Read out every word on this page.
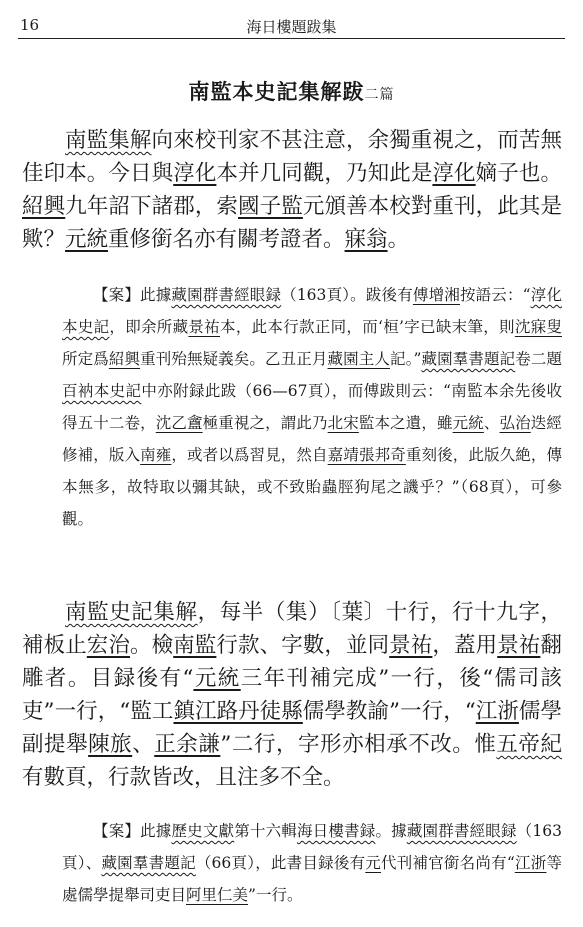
16	海日樓題跋集
南監本史記集解跋二篇

南監集解向來校刊家不甚注意，余獨重視之，而苦無佳印本。今日與淳化本并几同觀，乃知此是淳化嫡子也。紹興九年詔下諸郡，索國子監元頒善本校對重刊，此其是歟？元統重修銜名亦有關考證者。寐翁。

【案】此據藏園群書經眼録（163頁）。跋後有傅增湘按語云：“淳化本史記，即余所藏景祐本，此本行款正同，而‘桓’字已缺末筆，則沈寐叟所定爲紹興重刊殆無疑義矣。乙丑正月藏園主人記。”藏園羣書題記卷二題百衲本史記中亦附録此跋（66—67頁），而傅跋則云：“南監本余先後收得五十二卷，沈乙盦極重視之，謂此乃北宋監本之遺，雖元統、弘治迭經修補，版入南雍，或者以爲習見，然自嘉靖張邦奇重刻後，此版久絶，傳本無多，故特取以彌其缺，或不致貽蟲脛狗尾之譏乎？”（68頁），可參觀。

南監史記集解，每半（集）〔葉〕十行，行十九字，補板止宏治。檢南監行款、字數，並同景祐，蓋用景祐翻雕者。目録後有“元統三年刊補完成”一行，後“儒司該吏”一行，“監工鎮江路丹徒縣儒學教諭”一行，“江浙儒學副提舉陳旅、正余謙”二行，字形亦相承不改。惟五帝紀有數頁，行款皆改，且注多不全。

【案】此據歷史文獻第十六輯海日樓書録。據藏園群書經眼録（163頁）、藏園羣書題記（66頁），此書目録後有元代刊補官銜名尚有“江浙等處儒學提舉司吏目阿里仁美”一行。
